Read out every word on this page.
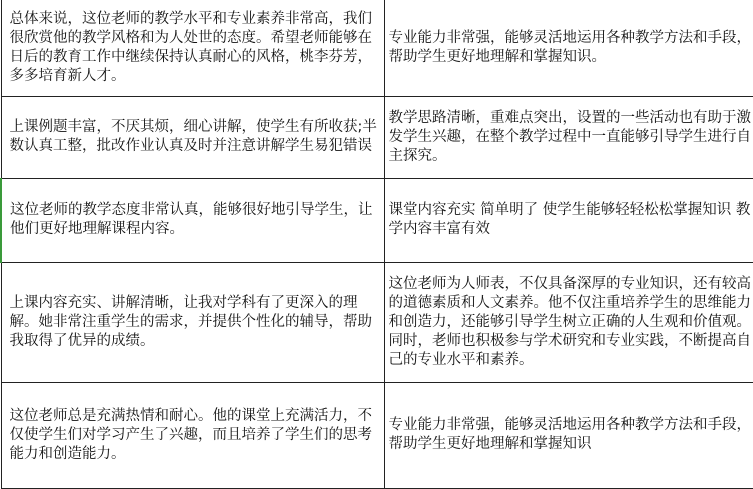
总体来说，这位老师的教学水平和专业素养非常高，我们很欣赏他的教学风格和为人处世的态度。希望老师能够在日后的教育工作中继续保持认真耐心的风格，桃李芬芳，多多培育新人才。	专业能力非常强，能够灵活地运用各种教学方法和手段，帮助学生更好地理解和掌握知识。
上课例题丰富，不厌其烦，细心讲解，使学生有所收获;半数认真工整，批改作业认真及时并注意讲解学生易犯错误	教学思路清晰，重难点突出，设置的一些活动也有助于激发学生兴趣，在整个教学过程中一直能够引导学生进行自主探究。
这位老师的教学态度非常认真，能够很好地引导学生，让他们更好地理解课程内容。	课堂内容充实 简单明了 使学生能够轻轻松松掌握知识 教学内容丰富有效
上课内容充实、讲解清晰，让我对学科有了更深入的理解。她非常注重学生的需求，并提供个性化的辅导，帮助我取得了优异的成绩。	这位老师为人师表，不仅具备深厚的专业知识，还有较高的道德素质和人文素养。他不仅注重培养学生的思维能力和创造力，还能够引导学生树立正确的人生观和价值观。同时，老师也积极参与学术研究和专业实践，不断提高自己的专业水平和素养。
这位老师总是充满热情和耐心。他的课堂上充满活力，不仅使学生们对学习产生了兴趣，而且培养了学生们的思考能力和创造能力。	专业能力非常强，能够灵活地运用各种教学方法和手段，帮助学生更好地理解和掌握知识
